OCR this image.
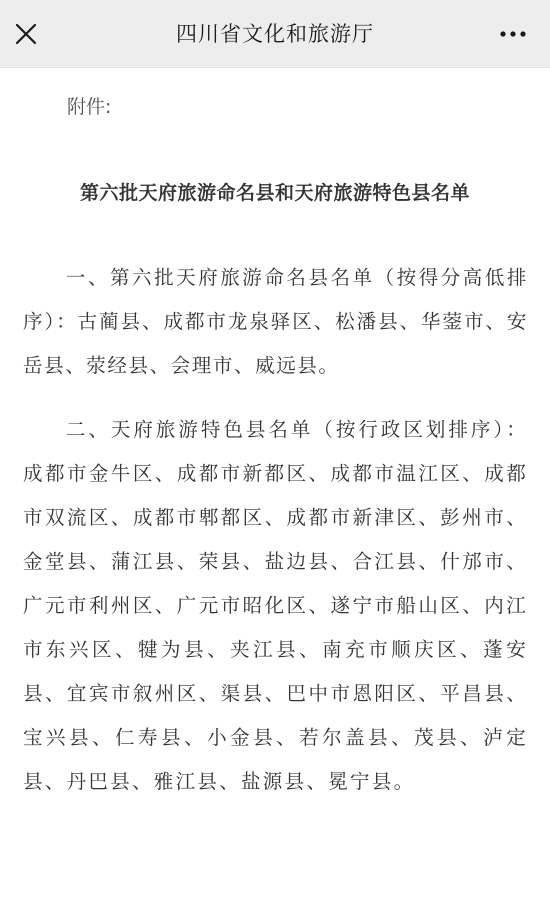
四川省文化和旅游厅
附件:
第六批天府旅游命名县和天府旅游特色县名单

一、第六批天府旅游命名县名单（按得分高低排序）：古蔺县、成都市龙泉驿区、松潘县、华蓥市、安岳县、荥经县、会理市、威远县。

二、天府旅游特色县名单（按行政区划排序）：成都市金牛区、成都市新都区、成都市温江区、成都市双流区、成都市郫都区、成都市新津区、彭州市、金堂县、蒲江县、荣县、盐边县、合江县、什邡市、广元市利州区、广元市昭化区、遂宁市船山区、内江市东兴区、犍为县、夹江县、南充市顺庆区、蓬安县、宜宾市叙州区、渠县、巴中市恩阳区、平昌县、宝兴县、仁寿县、小金县、若尔盖县、茂县、泸定县、丹巴县、雅江县、盐源县、冕宁县。
